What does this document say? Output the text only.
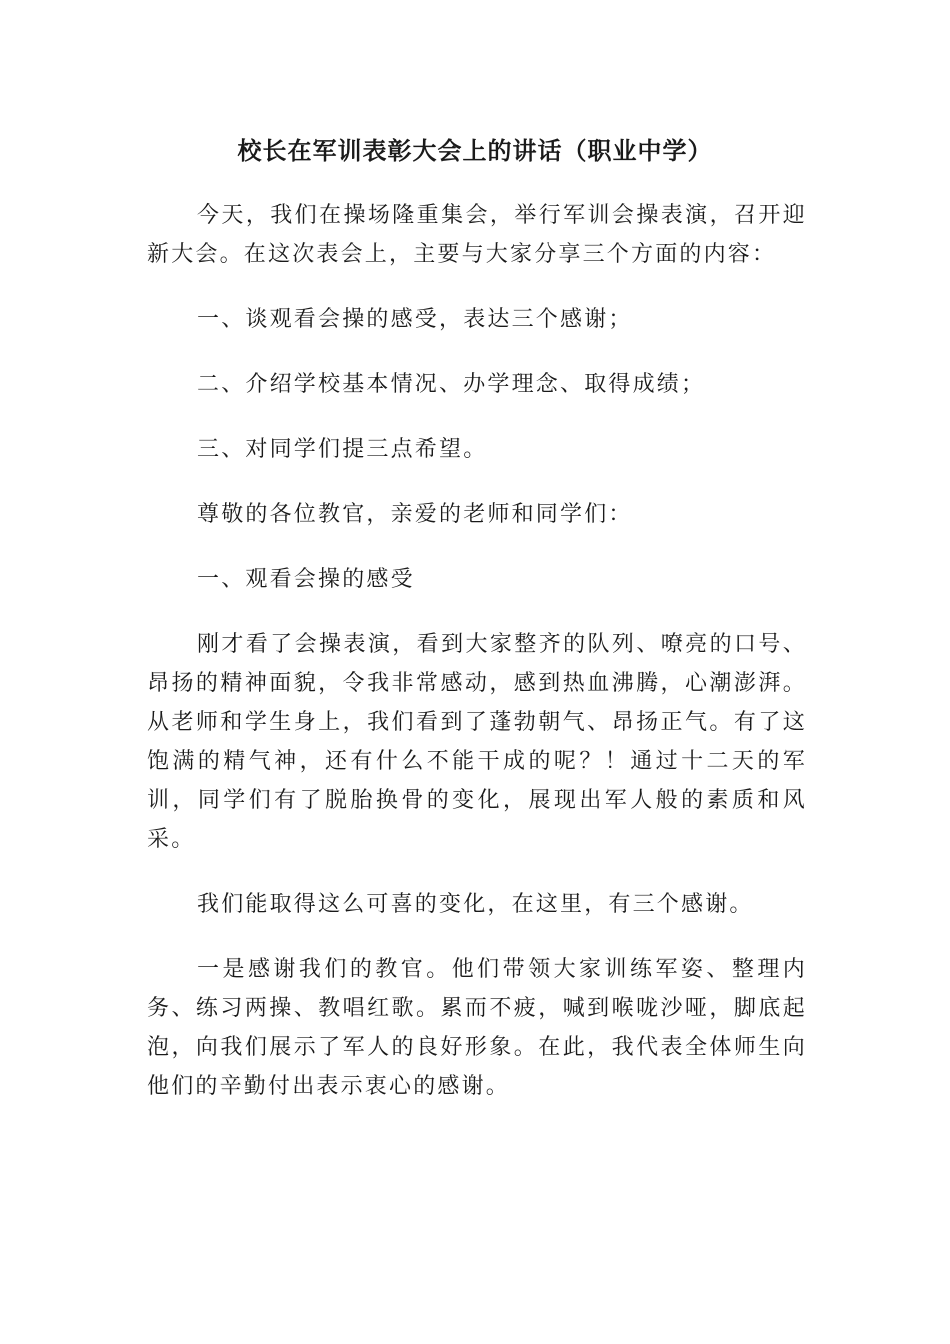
校长在军训表彰大会上的讲话（职业中学）

今天，我们在操场隆重集会，举行军训会操表演，召开迎新大会。在这次表会上，主要与大家分享三个方面的内容：

一、谈观看会操的感受，表达三个感谢；

二、介绍学校基本情况、办学理念、取得成绩；

三、对同学们提三点希望。

尊敬的各位教官，亲爱的老师和同学们：

一、观看会操的感受

刚才看了会操表演，看到大家整齐的队列、嘹亮的口号、昂扬的精神面貌，令我非常感动，感到热血沸腾，心潮澎湃。从老师和学生身上，我们看到了蓬勃朝气、昂扬正气。有了这饱满的精气神，还有什么不能干成的呢？！通过十二天的军训，同学们有了脱胎换骨的变化，展现出军人般的素质和风采。

我们能取得这么可喜的变化，在这里，有三个感谢。

一是感谢我们的教官。他们带领大家训练军姿、整理内务、练习两操、教唱红歌。累而不疲，喊到喉咙沙哑，脚底起泡，向我们展示了军人的良好形象。在此，我代表全体师生向他们的辛勤付出表示衷心的感谢。
